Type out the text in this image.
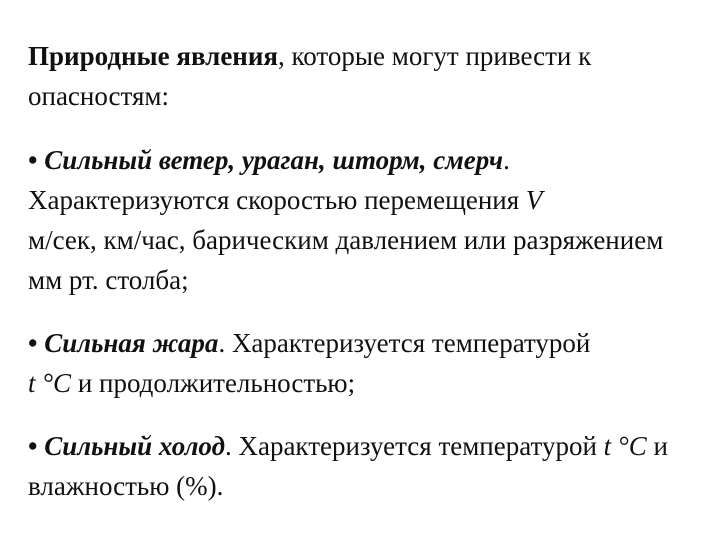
Природные явления, которые могут привести к опасностям:

• Сильный ветер, ураган, шторм, смерч. Характеризуются скоростью перемещения V
м/сек, км/час, барическим давлением или разряжением мм рт. столба;

• Сильная жара. Характеризуется температурой
t °C и продолжительностью;

• Сильный холод. Характеризуется температурой t °C и влажностью (%).
